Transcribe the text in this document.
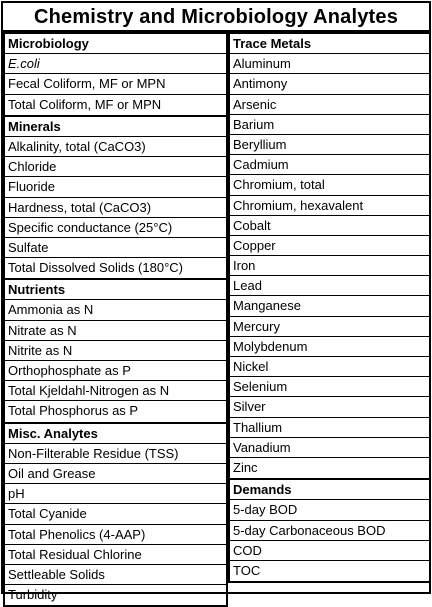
Chemistry and Microbiology Analytes
Microbiology
E.coli
Fecal Coliform, MF or MPN
Total Coliform, MF or MPN
Minerals
Alkalinity, total (CaCO3)
Chloride
Fluoride
Hardness, total (CaCO3)
Specific conductance (25°C)
Sulfate
Total Dissolved Solids (180°C)
Nutrients
Ammonia as N
Nitrate as N
Nitrite as N
Orthophosphate as P
Total Kjeldahl-Nitrogen as N
Total Phosphorus as P
Misc. Analytes
Non-Filterable Residue (TSS)
Oil and Grease
pH
Total Cyanide
Total Phenolics (4-AAP)
Total Residual Chlorine
Settleable Solids
Turbidity
Trace Metals
Aluminum
Antimony
Arsenic
Barium
Beryllium
Cadmium
Chromium, total
Chromium, hexavalent
Cobalt
Copper
Iron
Lead
Manganese
Mercury
Molybdenum
Nickel
Selenium
Silver
Thallium
Vanadium
Zinc
Demands
5-day BOD
5-day Carbonaceous BOD
COD
TOC
